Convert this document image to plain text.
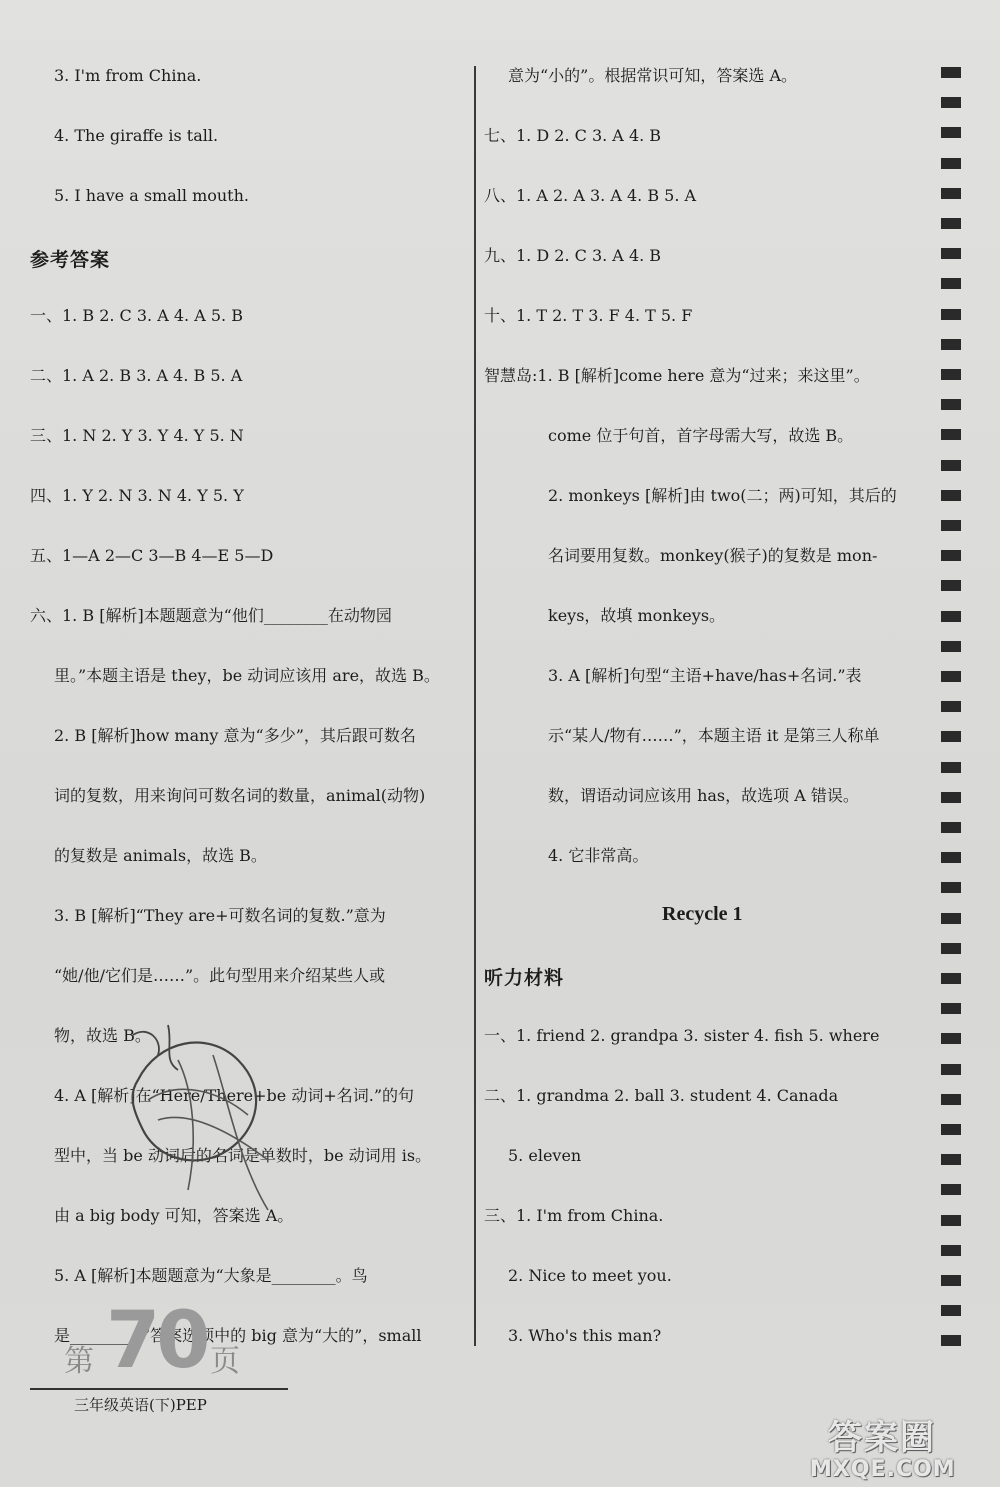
参考答案
3. I'm from China.
4. The giraffe is tall.
5. I have a small mouth.
一、1. B 2. C 3. A 4. A 5. B
二、1. A 2. B 3. A 4. B 5. A
三、1. N 2. Y 3. Y 4. Y 5. N
四、1. Y 2. N 3. N 4. Y 5. Y
五、1—A 2—C 3—B 4—E 5—D
六、1. B [解析]本题题意为“他们________在动物园
里。”本题主语是 they，be 动词应该用 are，故选 B。
2. B [解析]how many 意为“多少”，其后跟可数名
词的复数，用来询问可数名词的数量，animal(动物)
的复数是 animals，故选 B。
3. B [解析]“They are+可数名词的复数.”意为
“她/他/它们是……”。此句型用来介绍某些人或
物，故选 B。
4. A [解析]在“Here/There+be 动词+名词.”的句
型中，当 be 动词后的名词是单数时，be 动词用 is。
由 a big body 可知，答案选 A。
5. A [解析]本题题意为“大象是________。鸟
是________。”答案选项中的 big 意为“大的”，small
Recycle 1
听力材料
意为“小的”。根据常识可知，答案选 A。
七、1. D 2. C 3. A 4. B
八、1. A 2. A 3. A 4. B 5. A
九、1. D 2. C 3. A 4. B
十、1. T 2. T 3. F 4. T 5. F
智慧岛:1. B [解析]come here 意为“过来；来这里”。
come 位于句首，首字母需大写，故选 B。
2. monkeys [解析]由 two(二；两)可知，其后的
名词要用复数。monkey(猴子)的复数是 mon-
keys，故填 monkeys。
3. A [解析]句型“主语+have/has+名词.”表
示“某人/物有……”，本题主语 it 是第三人称单
数，谓语动词应该用 has，故选项 A 错误。
4. 它非常高。
一、1. friend 2. grandpa 3. sister 4. fish 5. where
二、1. grandma 2. ball 3. student 4. Canada
5. eleven
三、1. I'm from China.
2. Nice to meet you.
3. Who's this man?
第 70 页
三年级英语(下)PEP
答案圈
MXQE.COM
